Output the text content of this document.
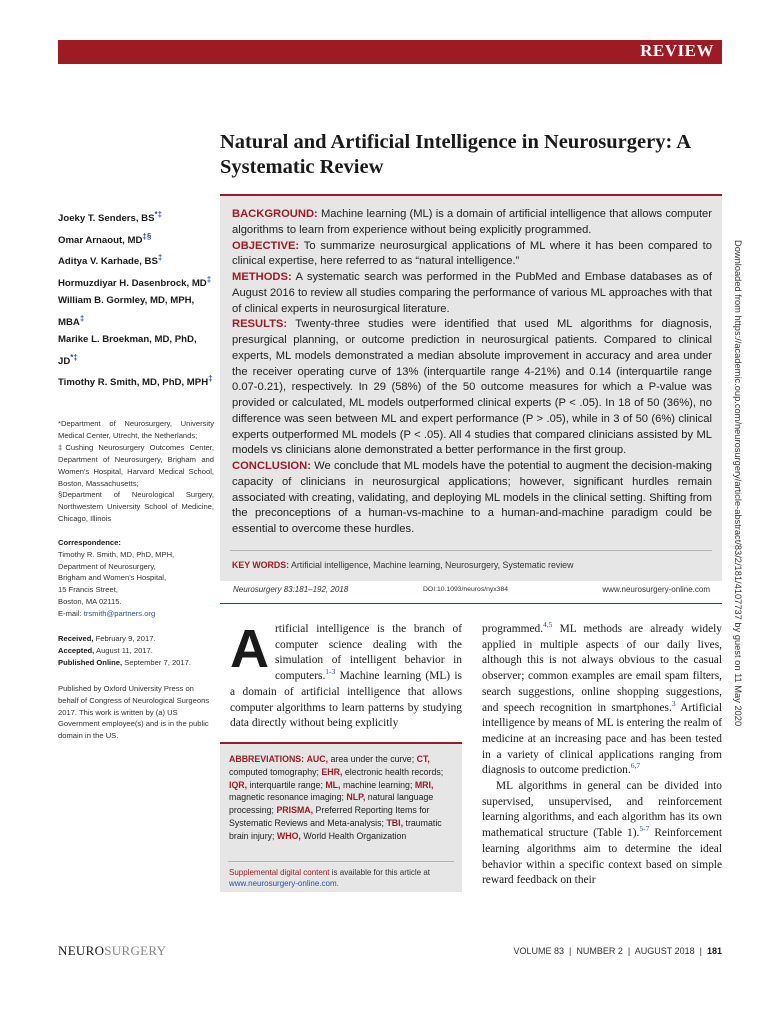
REVIEW
Natural and Artificial Intelligence in Neurosurgery: A Systematic Review
Joeky T. Senders, BS*‡
Omar Arnaout, MD‡§
Aditya V. Karhade, BS‡
Hormuzdiyar H. Dasenbrock, MD‡
William B. Gormley, MD, MPH, MBA‡
Marike L. Broekman, MD, PhD, JD*‡
Timothy R. Smith, MD, PhD, MPH‡
*Department of Neurosurgery, University Medical Center, Utrecht, the Netherlands;
‡Cushing Neurosurgery Outcomes Center, Department of Neurosurgery, Brigham and Women's Hospital, Harvard Medical School, Boston, Massachusetts;
§Department of Neurological Surgery, Northwestern University School of Medicine, Chicago, Illinois
Correspondence:
Timothy R. Smith, MD, PhD, MPH,
Department of Neurosurgery,
Brigham and Women's Hospital,
15 Francis Street,
Boston, MA 02115.
E-mail: trsmith@partners.org
Received, February 9, 2017.
Accepted, August 11, 2017.
Published Online, September 7, 2017.
Published by Oxford University Press on behalf of Congress of Neurological Surgeons 2017. This work is written by (a) US Government employee(s) and is in the public domain in the US.

BACKGROUND: Machine learning (ML) is a domain of artificial intelligence that allows computer algorithms to learn from experience without being explicitly programmed.

OBJECTIVE: To summarize neurosurgical applications of ML where it has been compared to clinical expertise, here referred to as “natural intelligence.”

METHODS: A systematic search was performed in the PubMed and Embase databases as of August 2016 to review all studies comparing the performance of various ML approaches with that of clinical experts in neurosurgical literature.

RESULTS: Twenty-three studies were identified that used ML algorithms for diagnosis, presurgical planning, or outcome prediction in neurosurgical patients. Compared to clinical experts, ML models demonstrated a median absolute improvement in accuracy and area under the receiver operating curve of 13% (interquartile range 4-21%) and 0.14 (interquartile range 0.07-0.21), respectively. In 29 (58%) of the 50 outcome measures for which a P-value was provided or calculated, ML models outperformed clinical experts (P < .05). In 18 of 50 (36%), no difference was seen between ML and expert performance (P > .05), while in 3 of 50 (6%) clinical experts outperformed ML models (P < .05). All 4 studies that compared clinicians assisted by ML models vs clinicians alone demonstrated a better performance in the first group.

CONCLUSION: We conclude that ML models have the potential to augment the decision-making capacity of clinicians in neurosurgical applications; however, significant hurdles remain associated with creating, validating, and deploying ML models in the clinical setting. Shifting from the preconceptions of a human-vs-machine to a human-and-machine paradigm could be essential to overcome these hurdles.

KEY WORDS: Artificial intelligence, Machine learning, Neurosurgery, Systematic review
Neurosurgery 83:181–192, 2018	DOI:10.1093/neuros/nyx384	www.neurosurgery-online.com
A rtificial intelligence is the branch of computer science dealing with the simulation of intelligent behavior in computers.$^{1-3}$ Machine learning (ML) is a domain of artificial intelligence that allows computer algorithms to learn patterns by studying data directly without being explicitly

programmed.$^{4,5}$ ML methods are already widely applied in multiple aspects of our daily lives, although this is not always obvious to the casual observer; common examples are email spam filters, search suggestions, online shopping suggestions, and speech recognition in smartphones.$^3$ Artificial intelligence by means of ML is entering the realm of medicine at an increasing pace and has been tested in a variety of clinical applications ranging from diagnosis to outcome prediction.$^{6,7}$

ML algorithms in general can be divided into supervised, unsupervised, and reinforcement learning algorithms, and each algorithm has its own mathematical structure (Table 1).$^{5-7}$ Reinforcement learning algorithms aim to determine the ideal behavior within a specific context based on simple reward feedback on their

ABBREVIATIONS: AUC, area under the curve; CT, computed tomography; EHR, electronic health records; IQR, interquartile range; ML, machine learning; MRI, magnetic resonance imaging; NLP, natural language processing; PRISMA, Preferred Reporting Items for Systematic Reviews and Meta-analysis; TBI, traumatic brain injury; WHO, World Health Organization
Supplemental digital content is available for this article at www.neurosurgery-online.com.
Downloaded from https://academic.oup.com/neurosurgery/article-abstract/83/2/181/4107737 by guest on 11 May 2020
NEUROSURGERY	VOLUME 83  |  NUMBER 2  |  AUGUST 2018  |  181
